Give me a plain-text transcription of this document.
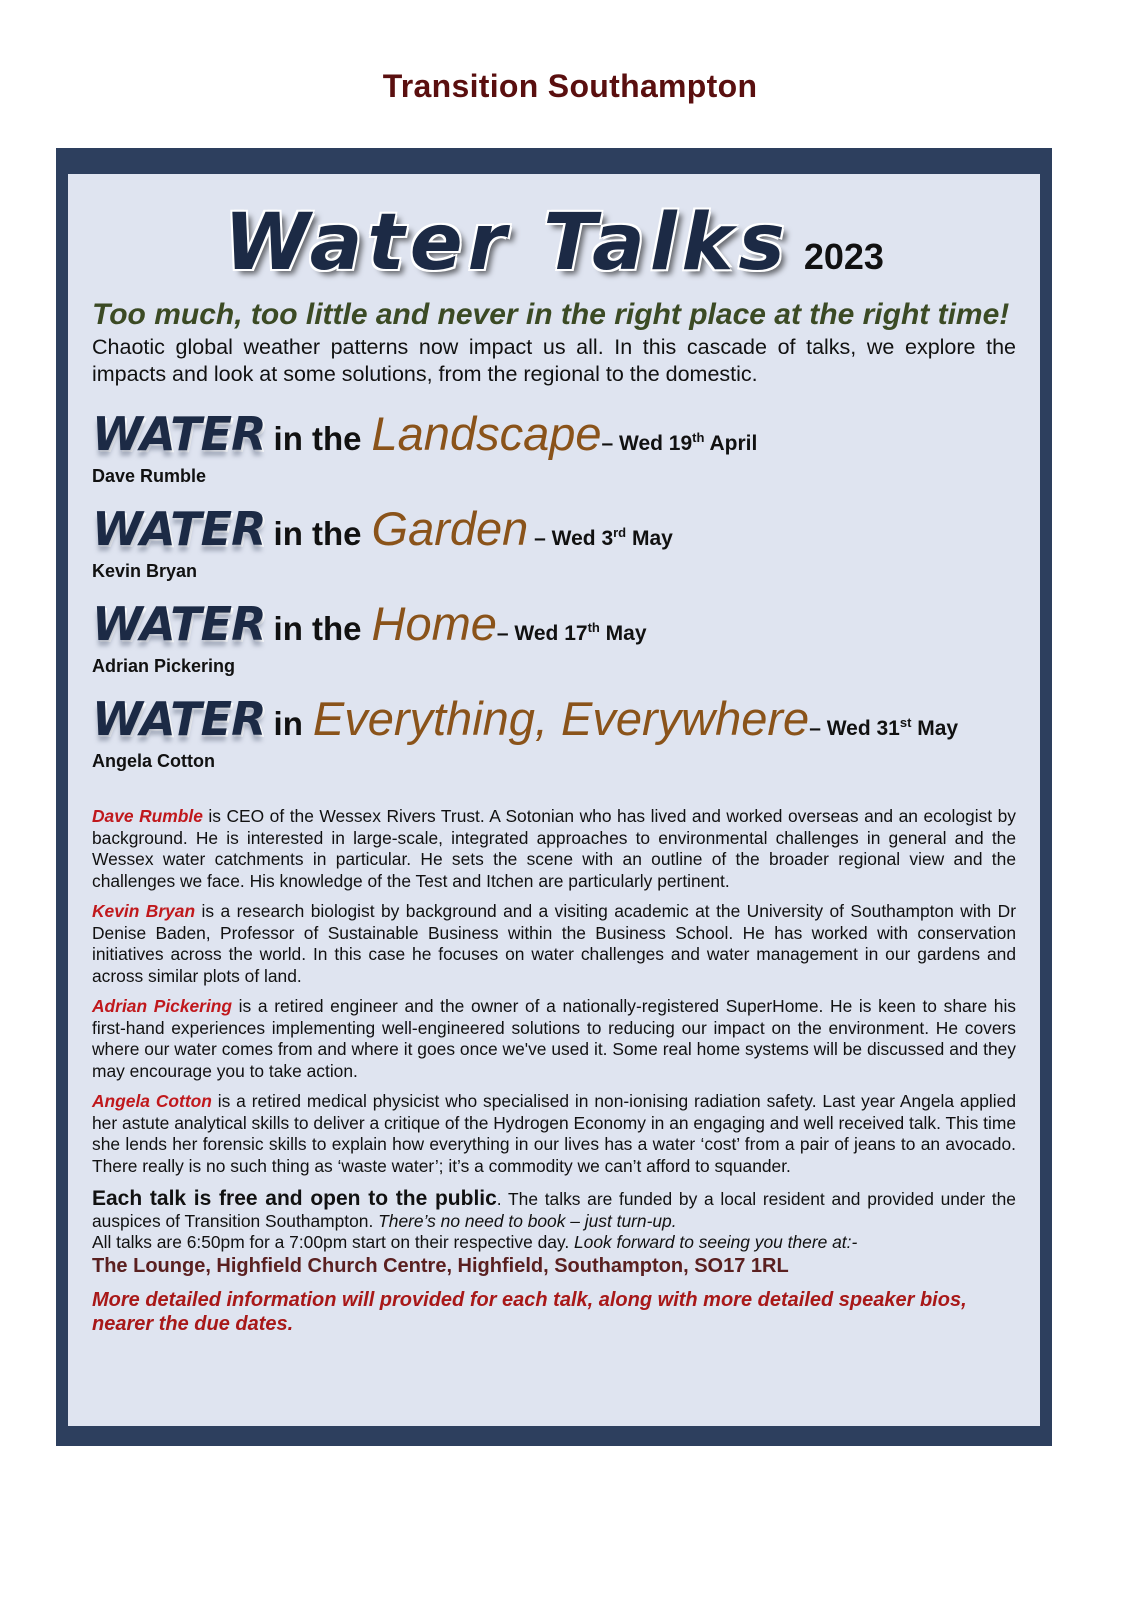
Transition Southampton
Water Talks 2023
Too much, too little and never in the right place at the right time!
Chaotic global weather patterns now impact us all. In this cascade of talks, we explore the impacts and look at some solutions, from the regional to the domestic.
WATER in the Landscape– Wed 19th April
Dave Rumble
WATER in the Garden – Wed 3rd May
Kevin Bryan
WATER in the Home– Wed 17th May
Adrian Pickering
WATER in Everything, Everywhere– Wed 31st May
Angela Cotton
Dave Rumble is CEO of the Wessex Rivers Trust. A Sotonian who has lived and worked overseas and an ecologist by background. He is interested in large-scale, integrated approaches to environmental challenges in general and the Wessex water catchments in particular. He sets the scene with an outline of the broader regional view and the challenges we face. His knowledge of the Test and Itchen are particularly pertinent.
Kevin Bryan is a research biologist by background and a visiting academic at the University of Southampton with Dr Denise Baden, Professor of Sustainable Business within the Business School. He has worked with conservation initiatives across the world. In this case he focuses on water challenges and water management in our gardens and across similar plots of land.
Adrian Pickering is a retired engineer and the owner of a nationally-registered SuperHome. He is keen to share his first-hand experiences implementing well-engineered solutions to reducing our impact on the environment. He covers where our water comes from and where it goes once we've used it. Some real home systems will be discussed and they may encourage you to take action.
Angela Cotton is a retired medical physicist who specialised in non-ionising radiation safety. Last year Angela applied her astute analytical skills to deliver a critique of the Hydrogen Economy in an engaging and well received talk. This time she lends her forensic skills to explain how everything in our lives has a water ‘cost’ from a pair of jeans to an avocado. There really is no such thing as ‘waste water’; it’s a commodity we can’t afford to squander.
Each talk is free and open to the public. The talks are funded by a local resident and provided under the auspices of Transition Southampton. There’s no need to book – just turn-up.
All talks are 6:50pm for a 7:00pm start on their respective day. Look forward to seeing you there at:-
The Lounge, Highfield Church Centre, Highfield, Southampton, SO17 1RL
More detailed information will provided for each talk, along with more detailed speaker bios, nearer the due dates.
